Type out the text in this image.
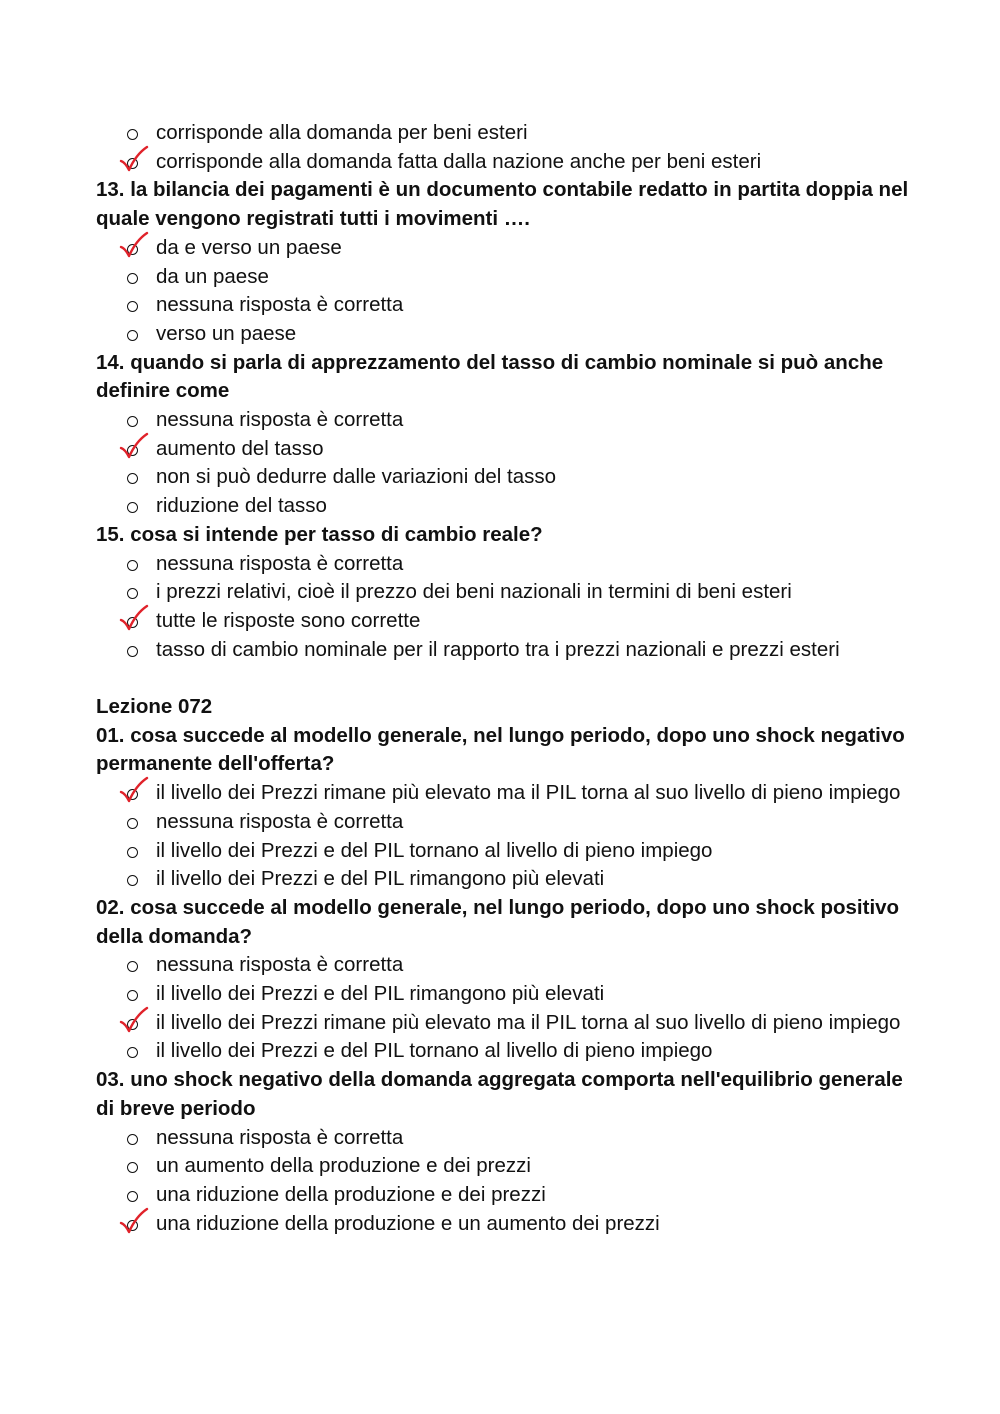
corrisponde alla domanda per beni esteri
corrisponde alla domanda fatta dalla nazione anche per beni esteri
13. la bilancia dei pagamenti è un documento contabile redatto in partita doppia nel quale vengono registrati tutti i movimenti ….
da e verso un paese
da un paese
nessuna risposta è corretta
verso un paese
14. quando si parla di apprezzamento del tasso di cambio nominale si può anche definire come
nessuna risposta è corretta
aumento del tasso
non si può dedurre dalle variazioni del tasso
riduzione del tasso
15. cosa si intende per tasso di cambio reale?
nessuna risposta è corretta
i prezzi relativi, cioè il prezzo dei beni nazionali in termini di beni esteri
tutte le risposte sono corrette
tasso di cambio nominale per il rapporto tra i prezzi nazionali e prezzi esteri
Lezione 072
01. cosa succede al modello generale, nel lungo periodo, dopo uno shock negativo permanente dell'offerta?
il livello dei Prezzi rimane più elevato ma il PIL torna al suo livello di pieno impiego
nessuna risposta è corretta
il livello dei Prezzi e del PIL tornano al livello di pieno impiego
il livello dei Prezzi e del PIL rimangono più elevati
02. cosa succede al modello generale, nel lungo periodo, dopo uno shock positivo della domanda?
nessuna risposta è corretta
il livello dei Prezzi e del PIL rimangono più elevati
il livello dei Prezzi rimane più elevato ma il PIL torna al suo livello di pieno impiego
il livello dei Prezzi e del PIL tornano al livello di pieno impiego
03. uno shock negativo della domanda aggregata comporta nell'equilibrio generale di breve periodo
nessuna risposta è corretta
un aumento della produzione e dei prezzi
una riduzione della produzione e dei prezzi
una riduzione della produzione e un aumento dei prezzi
